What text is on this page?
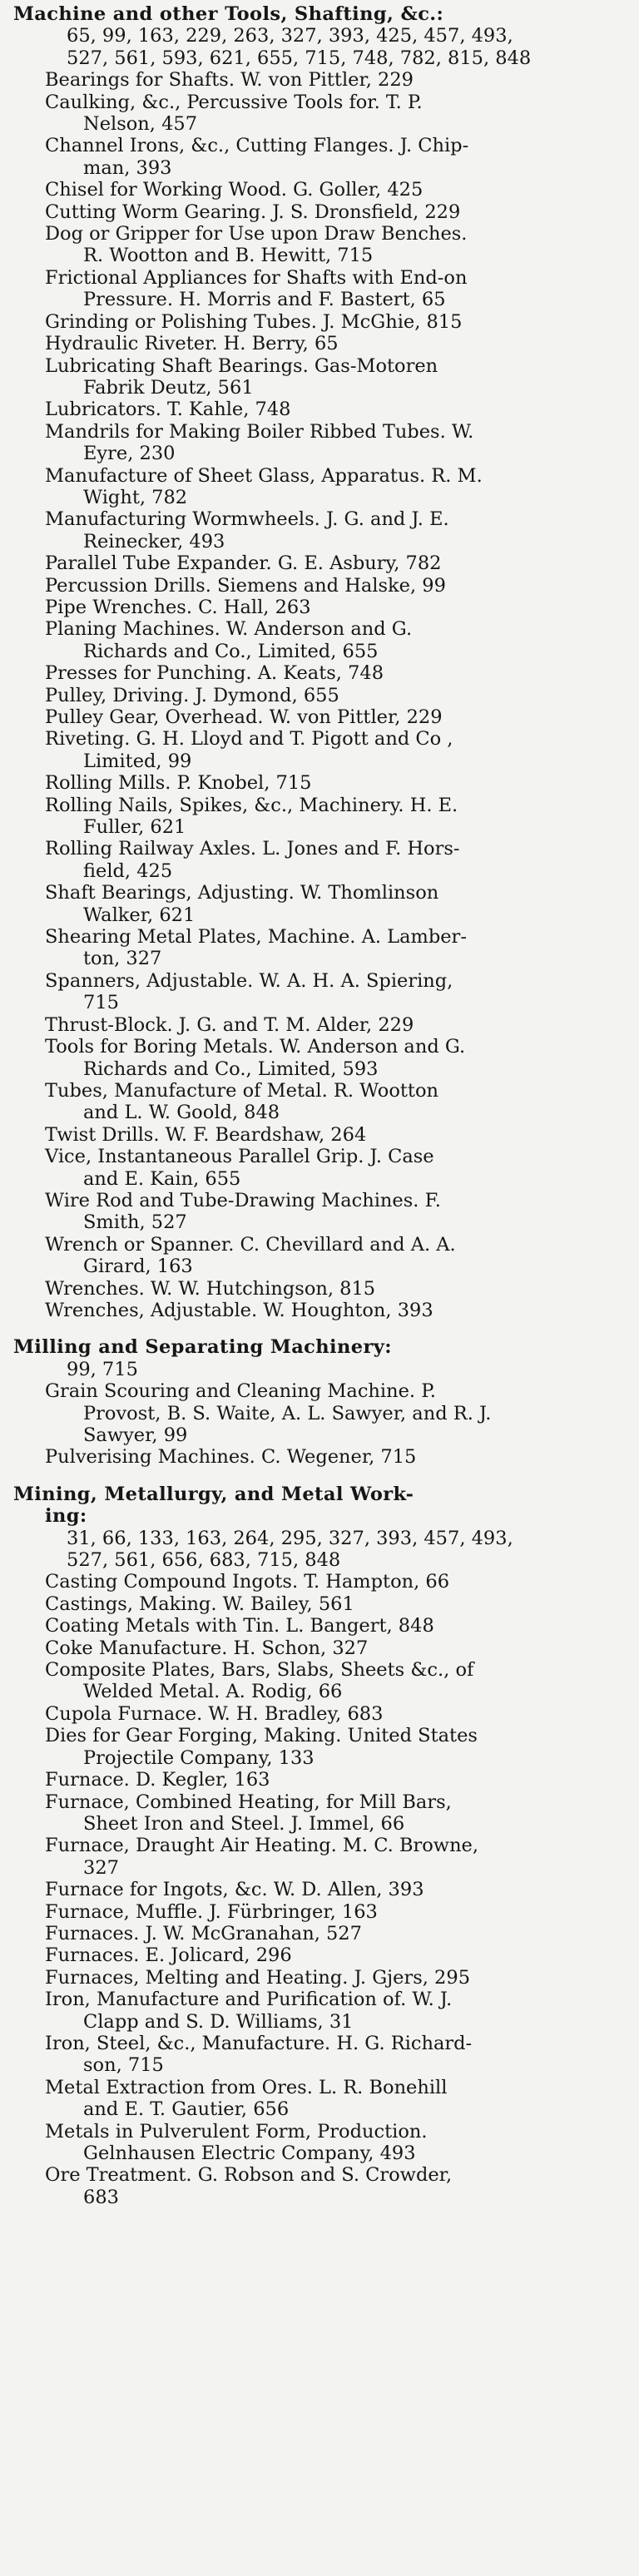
Machine and other Tools, Shafting, &c.:
65, 99, 163, 229, 263, 327, 393, 425, 457, 493,
527, 561, 593, 621, 655, 715, 748, 782, 815, 848
Bearings for Shafts. W. von Pittler, 229
Caulking, &c., Percussive Tools for. T. P.
Nelson, 457
Channel Irons, &c., Cutting Flanges. J. Chip-
man, 393
Chisel for Working Wood. G. Goller, 425
Cutting Worm Gearing. J. S. Dronsfield, 229
Dog or Gripper for Use upon Draw Benches.
R. Wootton and B. Hewitt, 715
Frictional Appliances for Shafts with End-on
Pressure. H. Morris and F. Bastert, 65
Grinding or Polishing Tubes. J. McGhie, 815
Hydraulic Riveter. H. Berry, 65
Lubricating Shaft Bearings. Gas-Motoren
Fabrik Deutz, 561
Lubricators. T. Kahle, 748
Mandrils for Making Boiler Ribbed Tubes. W.
Eyre, 230
Manufacture of Sheet Glass, Apparatus. R. M.
Wight, 782
Manufacturing Wormwheels. J. G. and J. E.
Reinecker, 493
Parallel Tube Expander. G. E. Asbury, 782
Percussion Drills. Siemens and Halske, 99
Pipe Wrenches. C. Hall, 263
Planing Machines. W. Anderson and G.
Richards and Co., Limited, 655
Presses for Punching. A. Keats, 748
Pulley, Driving. J. Dymond, 655
Pulley Gear, Overhead. W. von Pittler, 229
Riveting. G. H. Lloyd and T. Pigott and Co ,
Limited, 99
Rolling Mills. P. Knobel, 715
Rolling Nails, Spikes, &c., Machinery. H. E.
Fuller, 621
Rolling Railway Axles. L. Jones and F. Hors-
field, 425
Shaft Bearings, Adjusting. W. Thomlinson
Walker, 621
Shearing Metal Plates, Machine. A. Lamber-
ton, 327
Spanners, Adjustable. W. A. H. A. Spiering,
715
Thrust-Block. J. G. and T. M. Alder, 229
Tools for Boring Metals. W. Anderson and G.
Richards and Co., Limited, 593
Tubes, Manufacture of Metal. R. Wootton
and L. W. Goold, 848
Twist Drills. W. F. Beardshaw, 264
Vice, Instantaneous Parallel Grip. J. Case
and E. Kain, 655
Wire Rod and Tube-Drawing Machines. F.
Smith, 527
Wrench or Spanner. C. Chevillard and A. A.
Girard, 163
Wrenches. W. W. Hutchingson, 815
Wrenches, Adjustable. W. Houghton, 393
Milling and Separating Machinery:
99, 715
Grain Scouring and Cleaning Machine. P.
Provost, B. S. Waite, A. L. Sawyer, and R. J.
Sawyer, 99
Pulverising Machines. C. Wegener, 715
Mining, Metallurgy, and Metal Work-
ing:
31, 66, 133, 163, 264, 295, 327, 393, 457, 493,
527, 561, 656, 683, 715, 848
Casting Compound Ingots. T. Hampton, 66
Castings, Making. W. Bailey, 561
Coating Metals with Tin. L. Bangert, 848
Coke Manufacture. H. Schon, 327
Composite Plates, Bars, Slabs, Sheets &c., of
Welded Metal. A. Rodig, 66
Cupola Furnace. W. H. Bradley, 683
Dies for Gear Forging, Making. United States
Projectile Company, 133
Furnace. D. Kegler, 163
Furnace, Combined Heating, for Mill Bars,
Sheet Iron and Steel. J. Immel, 66
Furnace, Draught Air Heating. M. C. Browne,
327
Furnace for Ingots, &c. W. D. Allen, 393
Furnace, Muffle. J. Fürbringer, 163
Furnaces. J. W. McGranahan, 527
Furnaces. E. Jolicard, 296
Furnaces, Melting and Heating. J. Gjers, 295
Iron, Manufacture and Purification of. W. J.
Clapp and S. D. Williams, 31
Iron, Steel, &c., Manufacture. H. G. Richard-
son, 715
Metal Extraction from Ores. L. R. Bonehill
and E. T. Gautier, 656
Metals in Pulverulent Form, Production.
Gelnhausen Electric Company, 493
Ore Treatment. G. Robson and S. Crowder,
683
